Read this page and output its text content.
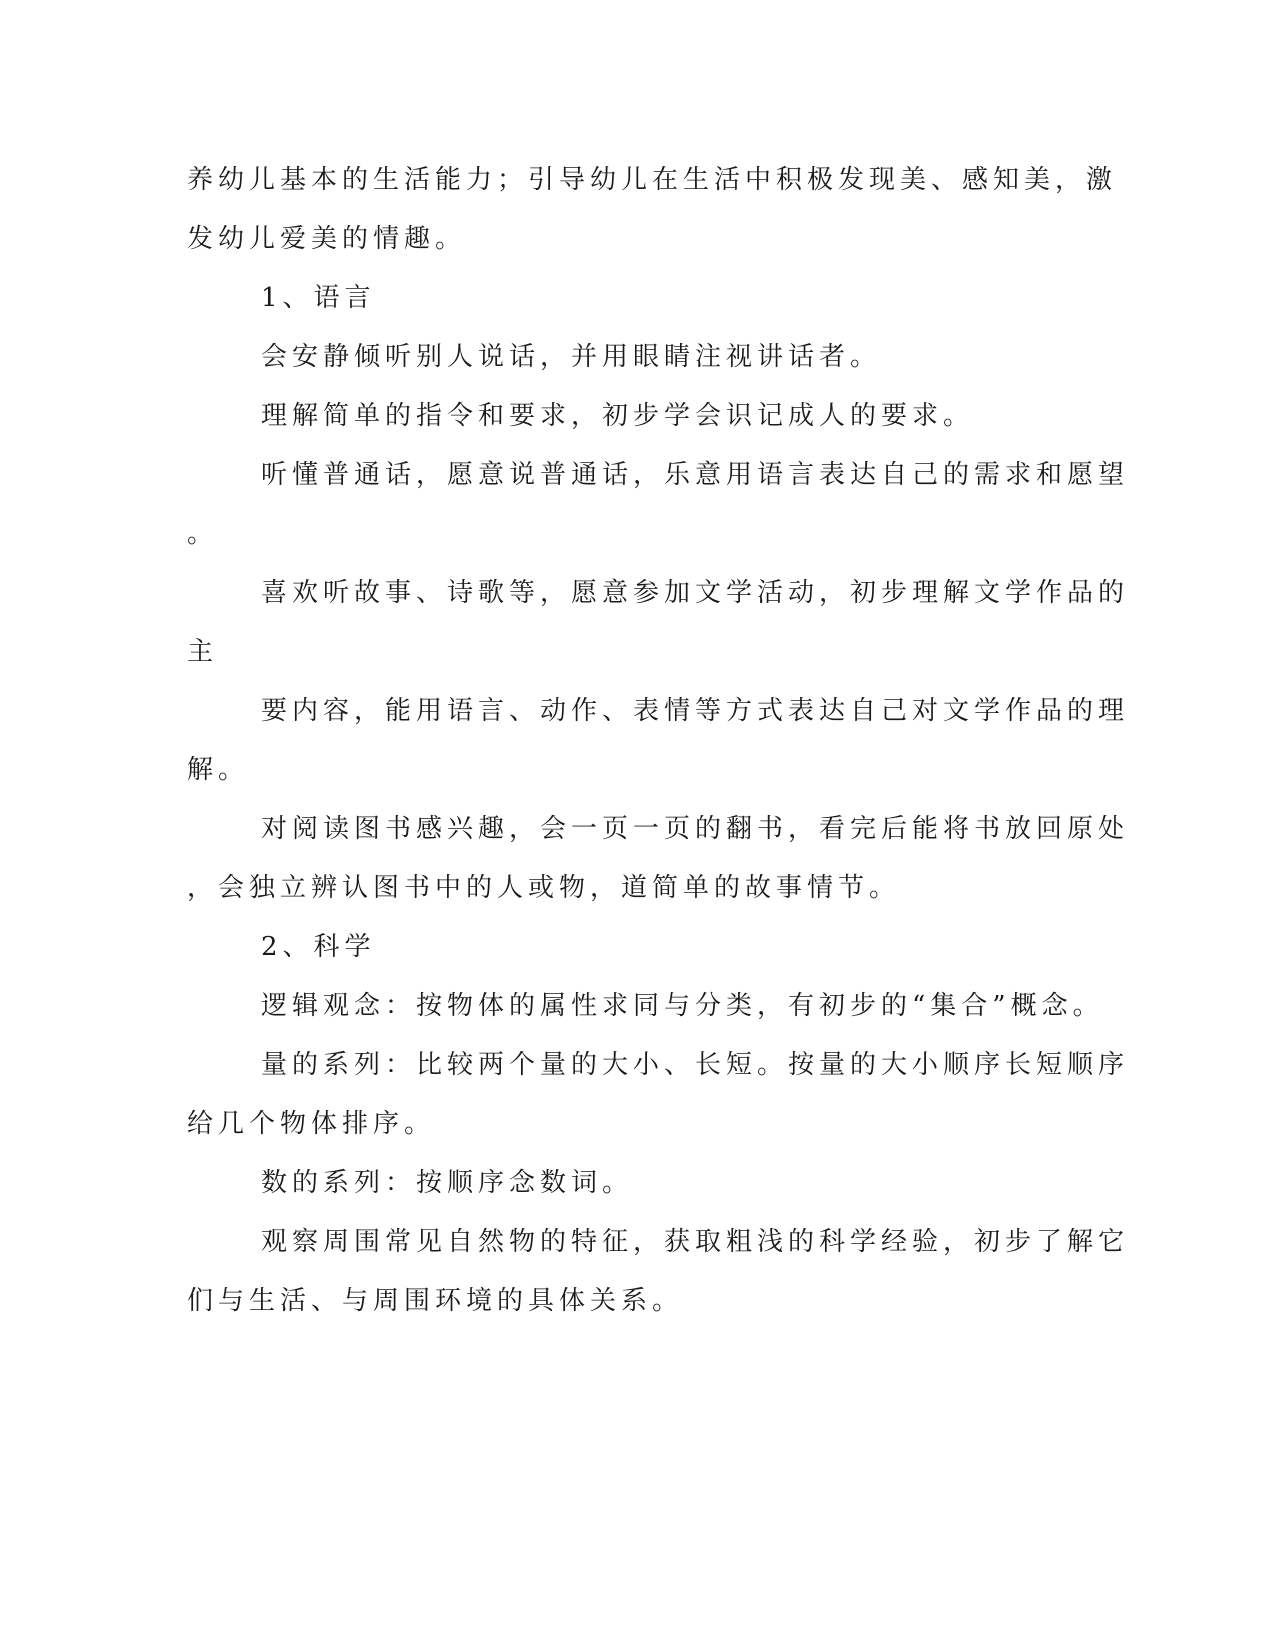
养幼儿基本的生活能力；引导幼儿在生活中积极发现美、感知美，激

发幼儿爱美的情趣。

1、语言

会安静倾听别人说话，并用眼睛注视讲话者。

理解简单的指令和要求，初步学会识记成人的要求。

听懂普通话，愿意说普通话，乐意用语言表达自己的需求和愿望

。

喜欢听故事、诗歌等，愿意参加文学活动，初步理解文学作品的

主

要内容，能用语言、动作、表情等方式表达自己对文学作品的理

解。

对阅读图书感兴趣，会一页一页的翻书，看完后能将书放回原处

，会独立辨认图书中的人或物，道简单的故事情节。

2、科学

逻辑观念：按物体的属性求同与分类，有初步的“集合”概念。

量的系列：比较两个量的大小、长短。按量的大小顺序长短顺序

给几个物体排序。

数的系列：按顺序念数词。

观察周围常见自然物的特征，获取粗浅的科学经验，初步了解它

们与生活、与周围环境的具体关系。
